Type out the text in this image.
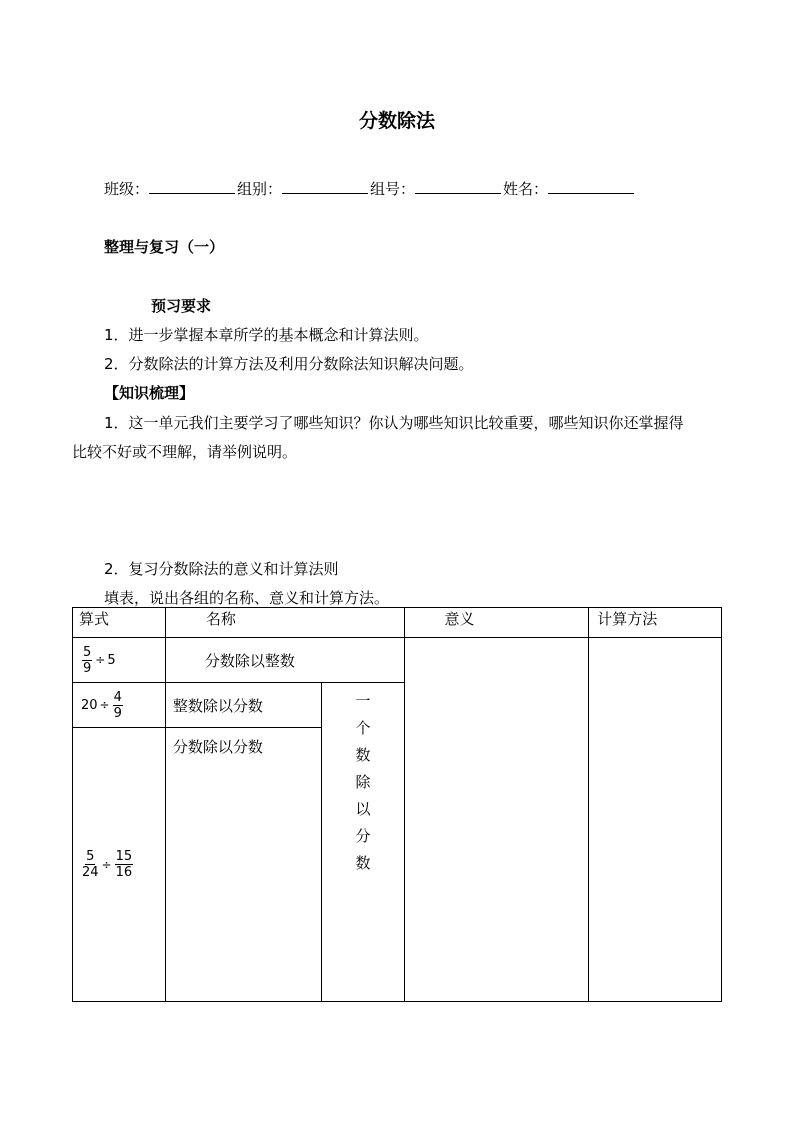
分数除法
班级：	组别：	组号：	姓名：
整理与复习（一）
预习要求
1．进一步掌握本章所学的基本概念和计算法则。
2．分数除法的计算方法及利用分数除法知识解决问题。
【知识梳理】
1．这一单元我们主要学习了哪些知识？你认为哪些知识比较重要，哪些知识你还掌握得
比较不好或不理解，请举例说明。
2．复习分数除法的意义和计算法则
填表，说出各组的名称、意义和计算方法。
算式	名称		意义	计算方法

$\frac{5}{9} \div 5$	分数除以整数			
$20 \div \frac{4}{9}$	整数除以分数	一个数除以分数		

$\frac{5}{24} \div \frac{15}{16}$	分数除以分数			
